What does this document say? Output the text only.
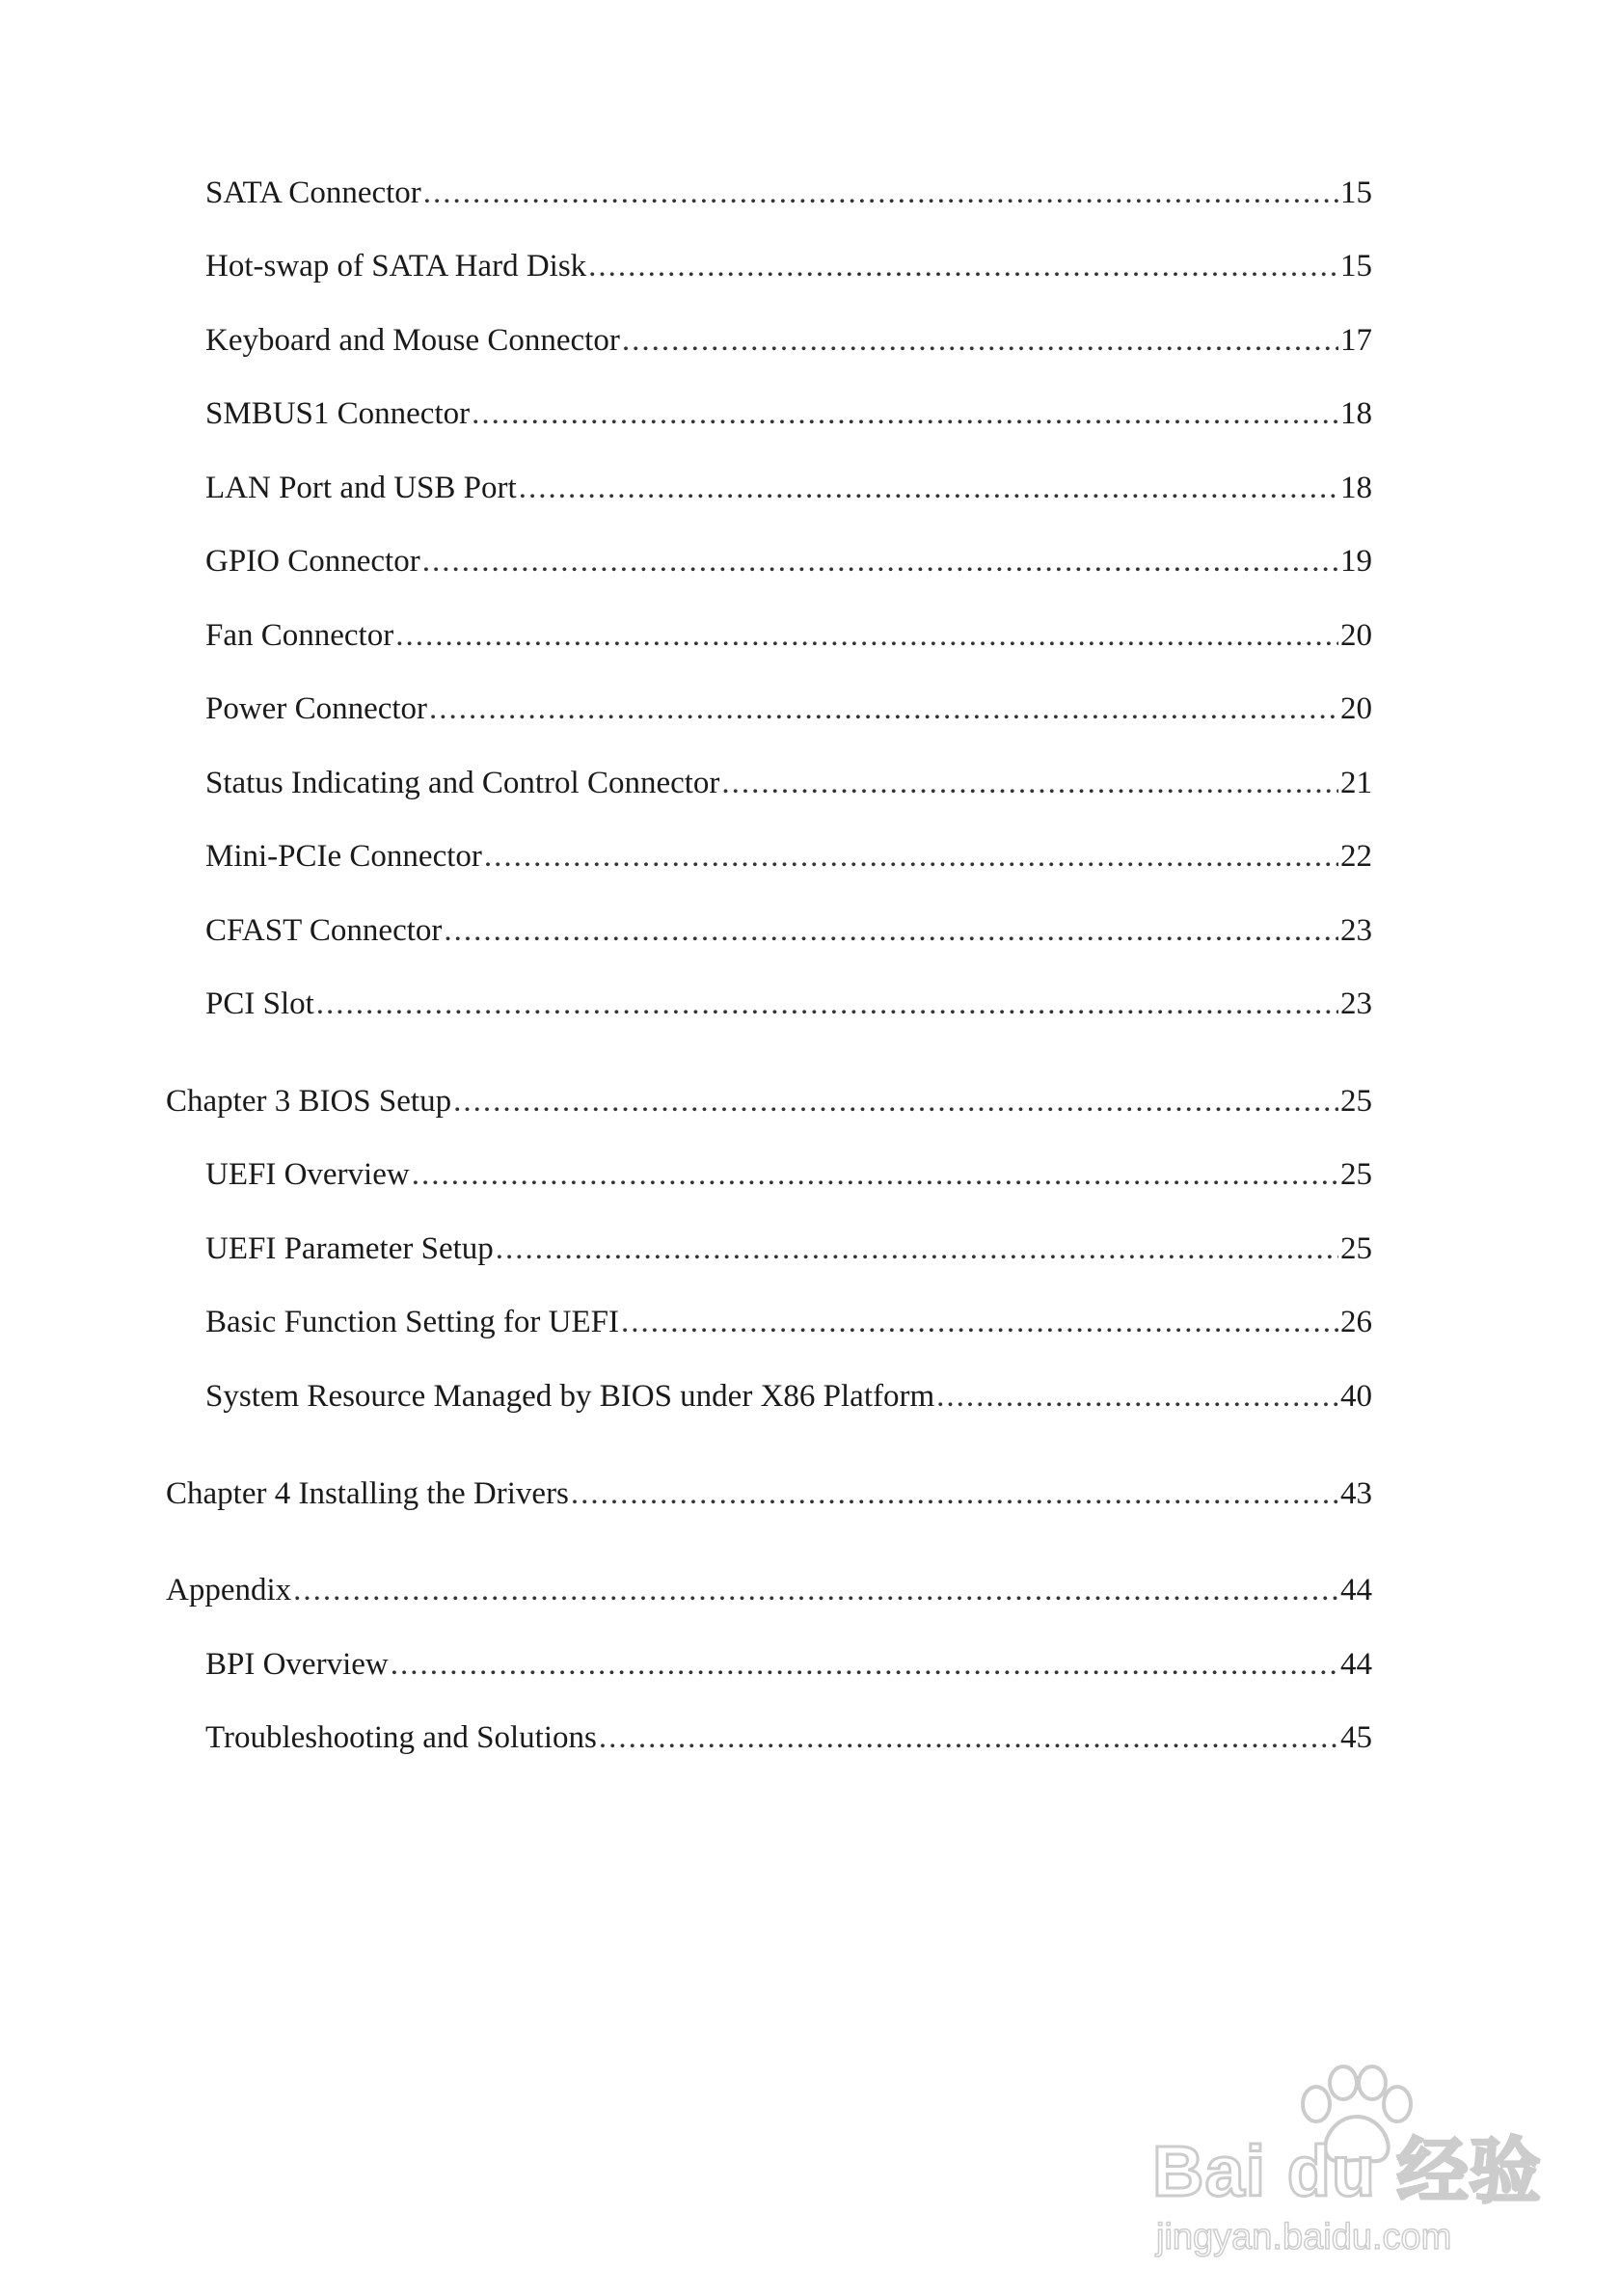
SATA Connector .....	15
Hot-swap of SATA Hard Disk .....	15
Keyboard and Mouse Connector .....	17
SMBUS1 Connector .....	18
LAN Port and USB Port .....	18
GPIO Connector .....	19
Fan Connector .....	20
Power Connector .....	20
Status Indicating and Control Connector .....	21
Mini-PCIe Connector .....	22
CFAST Connector .....	23
PCI Slot .....	23
Chapter 3 BIOS Setup .....	25
UEFI Overview .....	25
UEFI Parameter Setup .....	25
Basic Function Setting for UEFI .....	26
System Resource Managed by BIOS under X86 Platform .....	40
Chapter 4 Installing the Drivers .....	43
Appendix .....	44
BPI Overview .....	44
Troubleshooting and Solutions .....	45
Bai du 经验
jingyan.baidu.com
